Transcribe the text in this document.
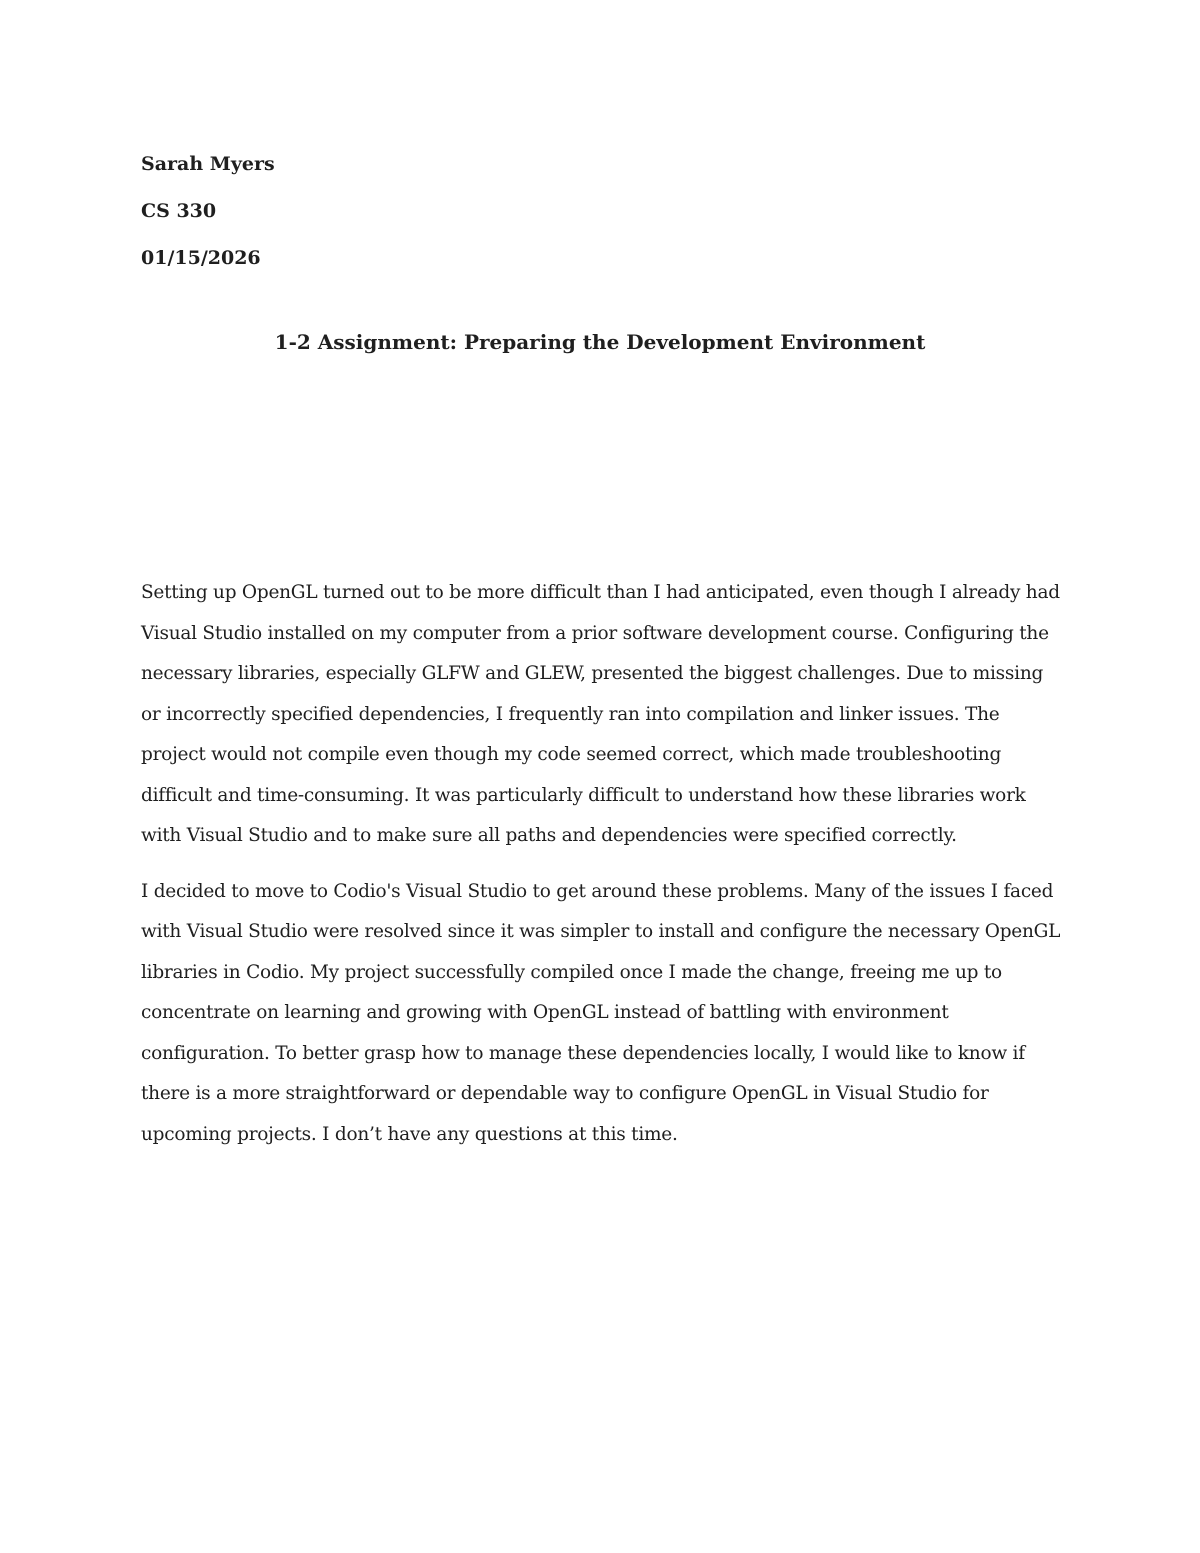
Sarah Myers

CS 330

01/15/2026

1-2 Assignment: Preparing the Development Environment

Setting up OpenGL turned out to be more difficult than I had anticipated, even though I already had Visual Studio installed on my computer from a prior software development course. Configuring the necessary libraries, especially GLFW and GLEW, presented the biggest challenges. Due to missing or incorrectly specified dependencies, I frequently ran into compilation and linker issues. The project would not compile even though my code seemed correct, which made troubleshooting difficult and time-consuming. It was particularly difficult to understand how these libraries work with Visual Studio and to make sure all paths and dependencies were specified correctly.

I decided to move to Codio's Visual Studio to get around these problems. Many of the issues I faced with Visual Studio were resolved since it was simpler to install and configure the necessary OpenGL libraries in Codio. My project successfully compiled once I made the change, freeing me up to concentrate on learning and growing with OpenGL instead of battling with environment configuration. To better grasp how to manage these dependencies locally, I would like to know if there is a more straightforward or dependable way to configure OpenGL in Visual Studio for upcoming projects. I don’t have any questions at this time.
